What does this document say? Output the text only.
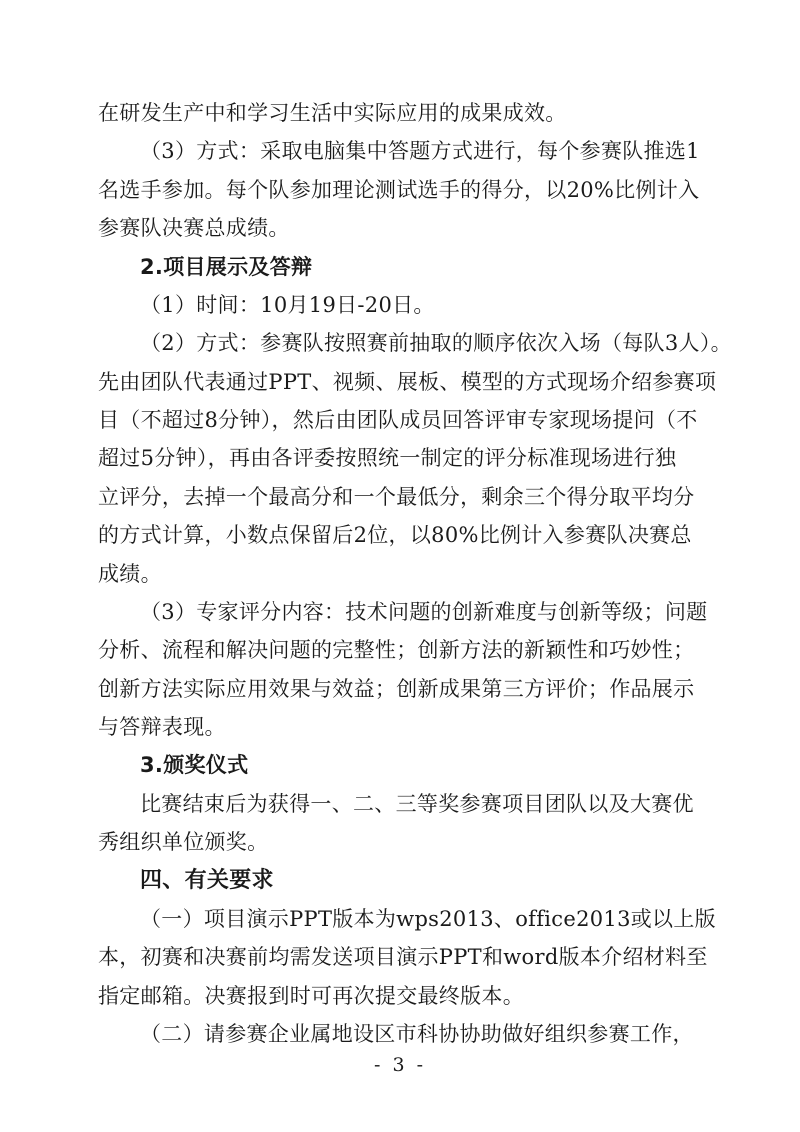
在研发生产中和学习生活中实际应用的成果成效。
（3）方式：采取电脑集中答题方式进行，每个参赛队推选1
名选手参加。每个队参加理论测试选手的得分，以20%比例计入
参赛队决赛总成绩。
2.项目展示及答辩
（1）时间：10月19日-20日。
（2）方式：参赛队按照赛前抽取的顺序依次入场（每队3人）。
先由团队代表通过PPT、视频、展板、模型的方式现场介绍参赛项
目（不超过8分钟），然后由团队成员回答评审专家现场提问（不
超过5分钟），再由各评委按照统一制定的评分标准现场进行独
立评分，去掉一个最高分和一个最低分，剩余三个得分取平均分
的方式计算，小数点保留后2位，以80%比例计入参赛队决赛总
成绩。
（3）专家评分内容：技术问题的创新难度与创新等级；问题
分析、流程和解决问题的完整性；创新方法的新颖性和巧妙性；
创新方法实际应用效果与效益；创新成果第三方评价；作品展示
与答辩表现。
3.颁奖仪式
比赛结束后为获得一、二、三等奖参赛项目团队以及大赛优
秀组织单位颁奖。
四、有关要求
（一）项目演示PPT版本为wps2013、office2013或以上版
本，初赛和决赛前均需发送项目演示PPT和word版本介绍材料至
指定邮箱。决赛报到时可再次提交最终版本。
（二）请参赛企业属地设区市科协协助做好组织参赛工作，
- 3 -
